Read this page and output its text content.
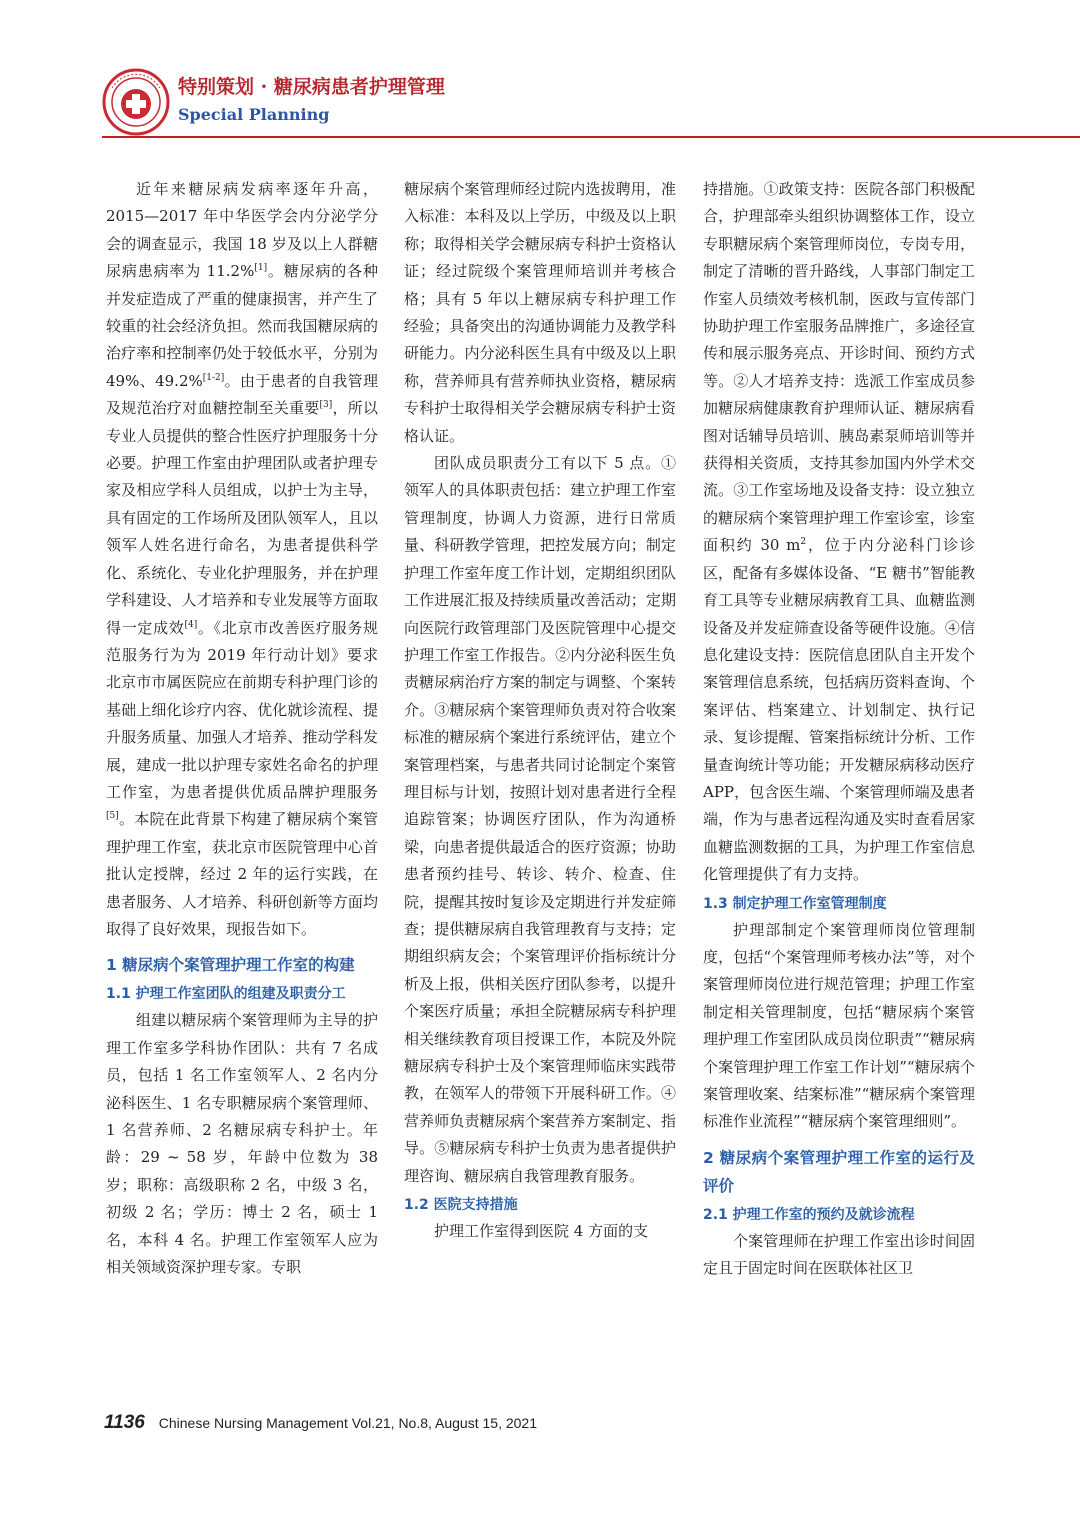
特别策划 · 糖尿病患者护理管理
Special Planning

近年来糖尿病发病率逐年升高，2015—2017 年中华医学会内分泌学分会的调查显示，我国 18 岁及以上人群糖尿病患病率为 11.2%[1]。糖尿病的各种并发症造成了严重的健康损害，并产生了较重的社会经济负担。然而我国糖尿病的治疗率和控制率仍处于较低水平，分别为 49%、49.2%[1-2]。由于患者的自我管理及规范治疗对血糖控制至关重要[3]，所以专业人员提供的整合性医疗护理服务十分必要。护理工作室由护理团队或者护理专家及相应学科人员组成，以护士为主导，具有固定的工作场所及团队领军人，且以领军人姓名进行命名，为患者提供科学化、系统化、专业化护理服务，并在护理学科建设、人才培养和专业发展等方面取得一定成效[4]。《北京市改善医疗服务规范服务行为为 2019 年行动计划》要求北京市市属医院应在前期专科护理门诊的基础上细化诊疗内容、优化就诊流程、提升服务质量、加强人才培养、推动学科发展，建成一批以护理专家姓名命名的护理工作室，为患者提供优质品牌护理服务[5]。本院在此背景下构建了糖尿病个案管理护理工作室，获北京市医院管理中心首批认定授牌，经过 2 年的运行实践，在患者服务、人才培养、科研创新等方面均取得了良好效果，现报告如下。

1 糖尿病个案管理护理工作室的构建
1.1 护理工作室团队的组建及职责分工

组建以糖尿病个案管理师为主导的护理工作室多学科协作团队：共有 7 名成员，包括 1 名工作室领军人、2 名内分泌科医生、1 名专职糖尿病个案管理师、1 名营养师、2 名糖尿病专科护士。年龄：29 ~ 58 岁，年龄中位数为 38 岁；职称：高级职称 2 名，中级 3 名，初级 2 名；学历：博士 2 名，硕士 1 名，本科 4 名。护理工作室领军人应为相关领域资深护理专家。专职

糖尿病个案管理师经过院内选拔聘用，准入标准：本科及以上学历，中级及以上职称；取得相关学会糖尿病专科护士资格认证；经过院级个案管理师培训并考核合格；具有 5 年以上糖尿病专科护理工作经验；具备突出的沟通协调能力及教学科研能力。内分泌科医生具有中级及以上职称，营养师具有营养师执业资格，糖尿病专科护士取得相关学会糖尿病专科护士资格认证。

团队成员职责分工有以下 5 点。①领军人的具体职责包括：建立护理工作室管理制度，协调人力资源，进行日常质量、科研教学管理，把控发展方向；制定护理工作室年度工作计划，定期组织团队工作进展汇报及持续质量改善活动；定期向医院行政管理部门及医院管理中心提交护理工作室工作报告。②内分泌科医生负责糖尿病治疗方案的制定与调整、个案转介。③糖尿病个案管理师负责对符合收案标准的糖尿病个案进行系统评估，建立个案管理档案，与患者共同讨论制定个案管理目标与计划，按照计划对患者进行全程追踪管案；协调医疗团队，作为沟通桥梁，向患者提供最适合的医疗资源；协助患者预约挂号、转诊、转介、检查、住院，提醒其按时复诊及定期进行并发症筛查；提供糖尿病自我管理教育与支持；定期组织病友会；个案管理评价指标统计分析及上报，供相关医疗团队参考，以提升个案医疗质量；承担全院糖尿病专科护理相关继续教育项目授课工作，本院及外院糖尿病专科护士及个案管理师临床实践带教，在领军人的带领下开展科研工作。④营养师负责糖尿病个案营养方案制定、指导。⑤糖尿病专科护士负责为患者提供护理咨询、糖尿病自我管理教育服务。

1.2 医院支持措施

护理工作室得到医院 4 方面的支

持措施。①政策支持：医院各部门积极配合，护理部牵头组织协调整体工作，设立专职糖尿病个案管理师岗位，专岗专用，制定了清晰的晋升路线，人事部门制定工作室人员绩效考核机制，医政与宣传部门协助护理工作室服务品牌推广，多途径宣传和展示服务亮点、开诊时间、预约方式等。②人才培养支持：选派工作室成员参加糖尿病健康教育护理师认证、糖尿病看图对话辅导员培训、胰岛素泵师培训等并获得相关资质，支持其参加国内外学术交流。③工作室场地及设备支持：设立独立的糖尿病个案管理护理工作室诊室，诊室面积约 30 $m^2$，位于内分泌科门诊诊区，配备有多媒体设备、“E 糖书”智能教育工具等专业糖尿病教育工具、血糖监测设备及并发症筛查设备等硬件设施。④信息化建设支持：医院信息团队自主开发个案管理信息系统，包括病历资料查询、个案评估、档案建立、计划制定、执行记录、复诊提醒、管案指标统计分析、工作量查询统计等功能；开发糖尿病移动医疗 APP，包含医生端、个案管理师端及患者端，作为与患者远程沟通及实时查看居家血糖监测数据的工具，为护理工作室信息化管理提供了有力支持。

1.3 制定护理工作室管理制度

护理部制定个案管理师岗位管理制度，包括“个案管理师考核办法”等，对个案管理师岗位进行规范管理；护理工作室制定相关管理制度，包括“糖尿病个案管理护理工作室团队成员岗位职责”“糖尿病个案管理护理工作室工作计划”“糖尿病个案管理收案、结案标准”“糖尿病个案管理标准作业流程”“糖尿病个案管理细则”。

2 糖尿病个案管理护理工作室的运行及评价
2.1 护理工作室的预约及就诊流程

个案管理师在护理工作室出诊时间固定且于固定时间在医联体社区卫

1136 Chinese Nursing Management Vol.21, No.8, August 15, 2021
